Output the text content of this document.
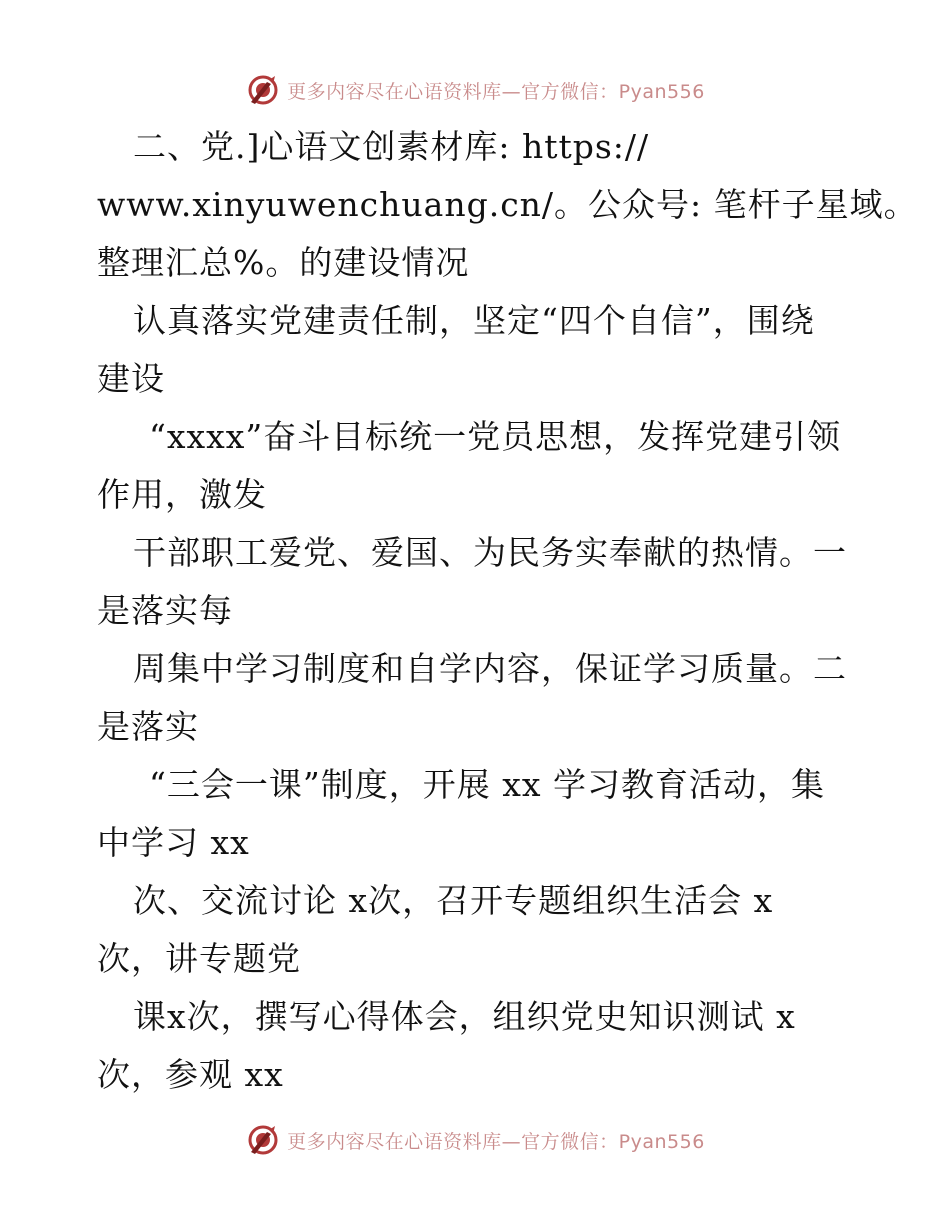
更多内容尽在心语资料库—官方微信：Pyan556
二、党.]心语文创素材库: https://
www.xinyuwenchuang.cn/。公众号: 笔杆子星域。
整理汇总%。的建设情况
认真落实党建责任制，坚定“四个自信”，围绕
建设
“xxxx”奋斗目标统一党员思想，发挥党建引领
作用，激发
干部职工爱党、爱国、为民务实奉献的热情。一
是落实每
周集中学习制度和自学内容，保证学习质量。二
是落实
“三会一课”制度，开展 xx 学习教育活动，集
中学习 xx
次、交流讨论 x次，召开专题组织生活会 x
次，讲专题党
课x次，撰写心得体会，组织党史知识测试 x
次，参观 xx
更多内容尽在心语资料库—官方微信：Pyan556
